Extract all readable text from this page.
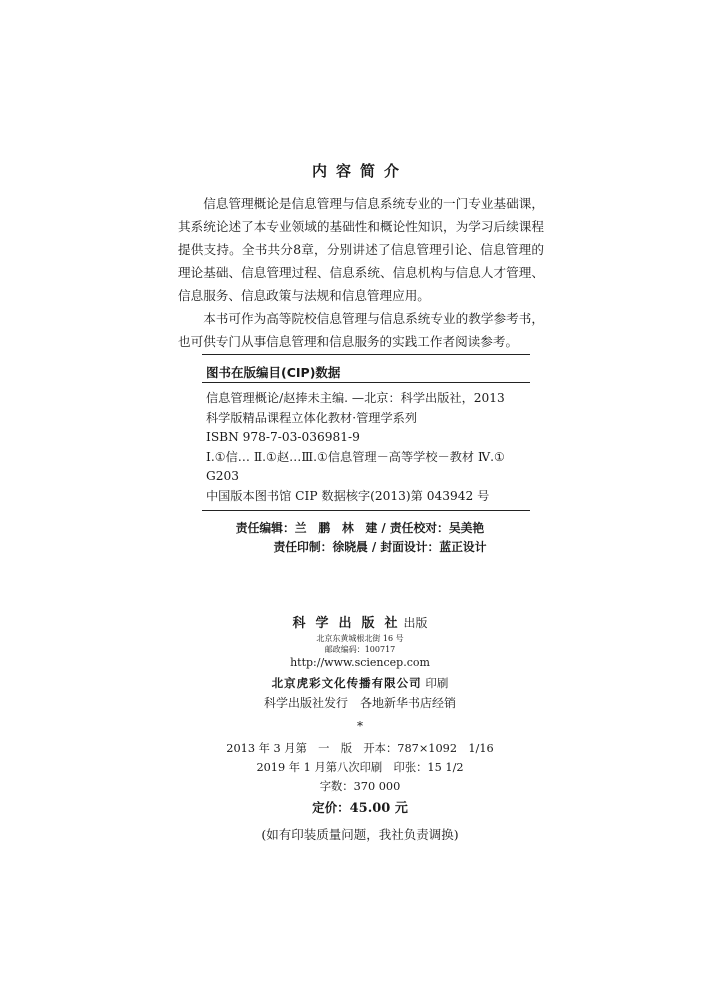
内容简介

信息管理概论是信息管理与信息系统专业的一门专业基础课，其系统论述了本专业领域的基础性和概论性知识，为学习后续课程提供支持。全书共分8章，分别讲述了信息管理引论、信息管理的理论基础、信息管理过程、信息系统、信息机构与信息人才管理、信息服务、信息政策与法规和信息管理应用。

本书可作为高等院校信息管理与信息系统专业的教学参考书，也可供专门从事信息管理和信息服务的实践工作者阅读参考。

图书在版编目(CIP)数据
信息管理概论/赵捧未主编. —北京：科学出版社，2013
科学版精品课程立体化教材·管理学系列
ISBN 978-7-03-036981-9
Ⅰ.①信… Ⅱ.①赵…Ⅲ.①信息管理－高等学校－教材 Ⅳ.①
G203
中国版本图书馆 CIP 数据核字(2013)第 043942 号
责任编辑：兰　鹏　林　建 / 责任校对：吴美艳
责任印制：徐晓晨 / 封面设计：蓝正设计
科学出版社出版
北京东黄城根北街 16 号
邮政编码：100717
http://www.sciencep.com
北京虎彩文化传播有限公司 印刷
科学出版社发行　各地新华书店经销
*
2013 年 3 月第　一　版　开本：787×1092　1/16
2019 年 1 月第八次印刷　印张：15 1/2
字数：370 000
定价：45.00 元
(如有印装质量问题，我社负责调换)
